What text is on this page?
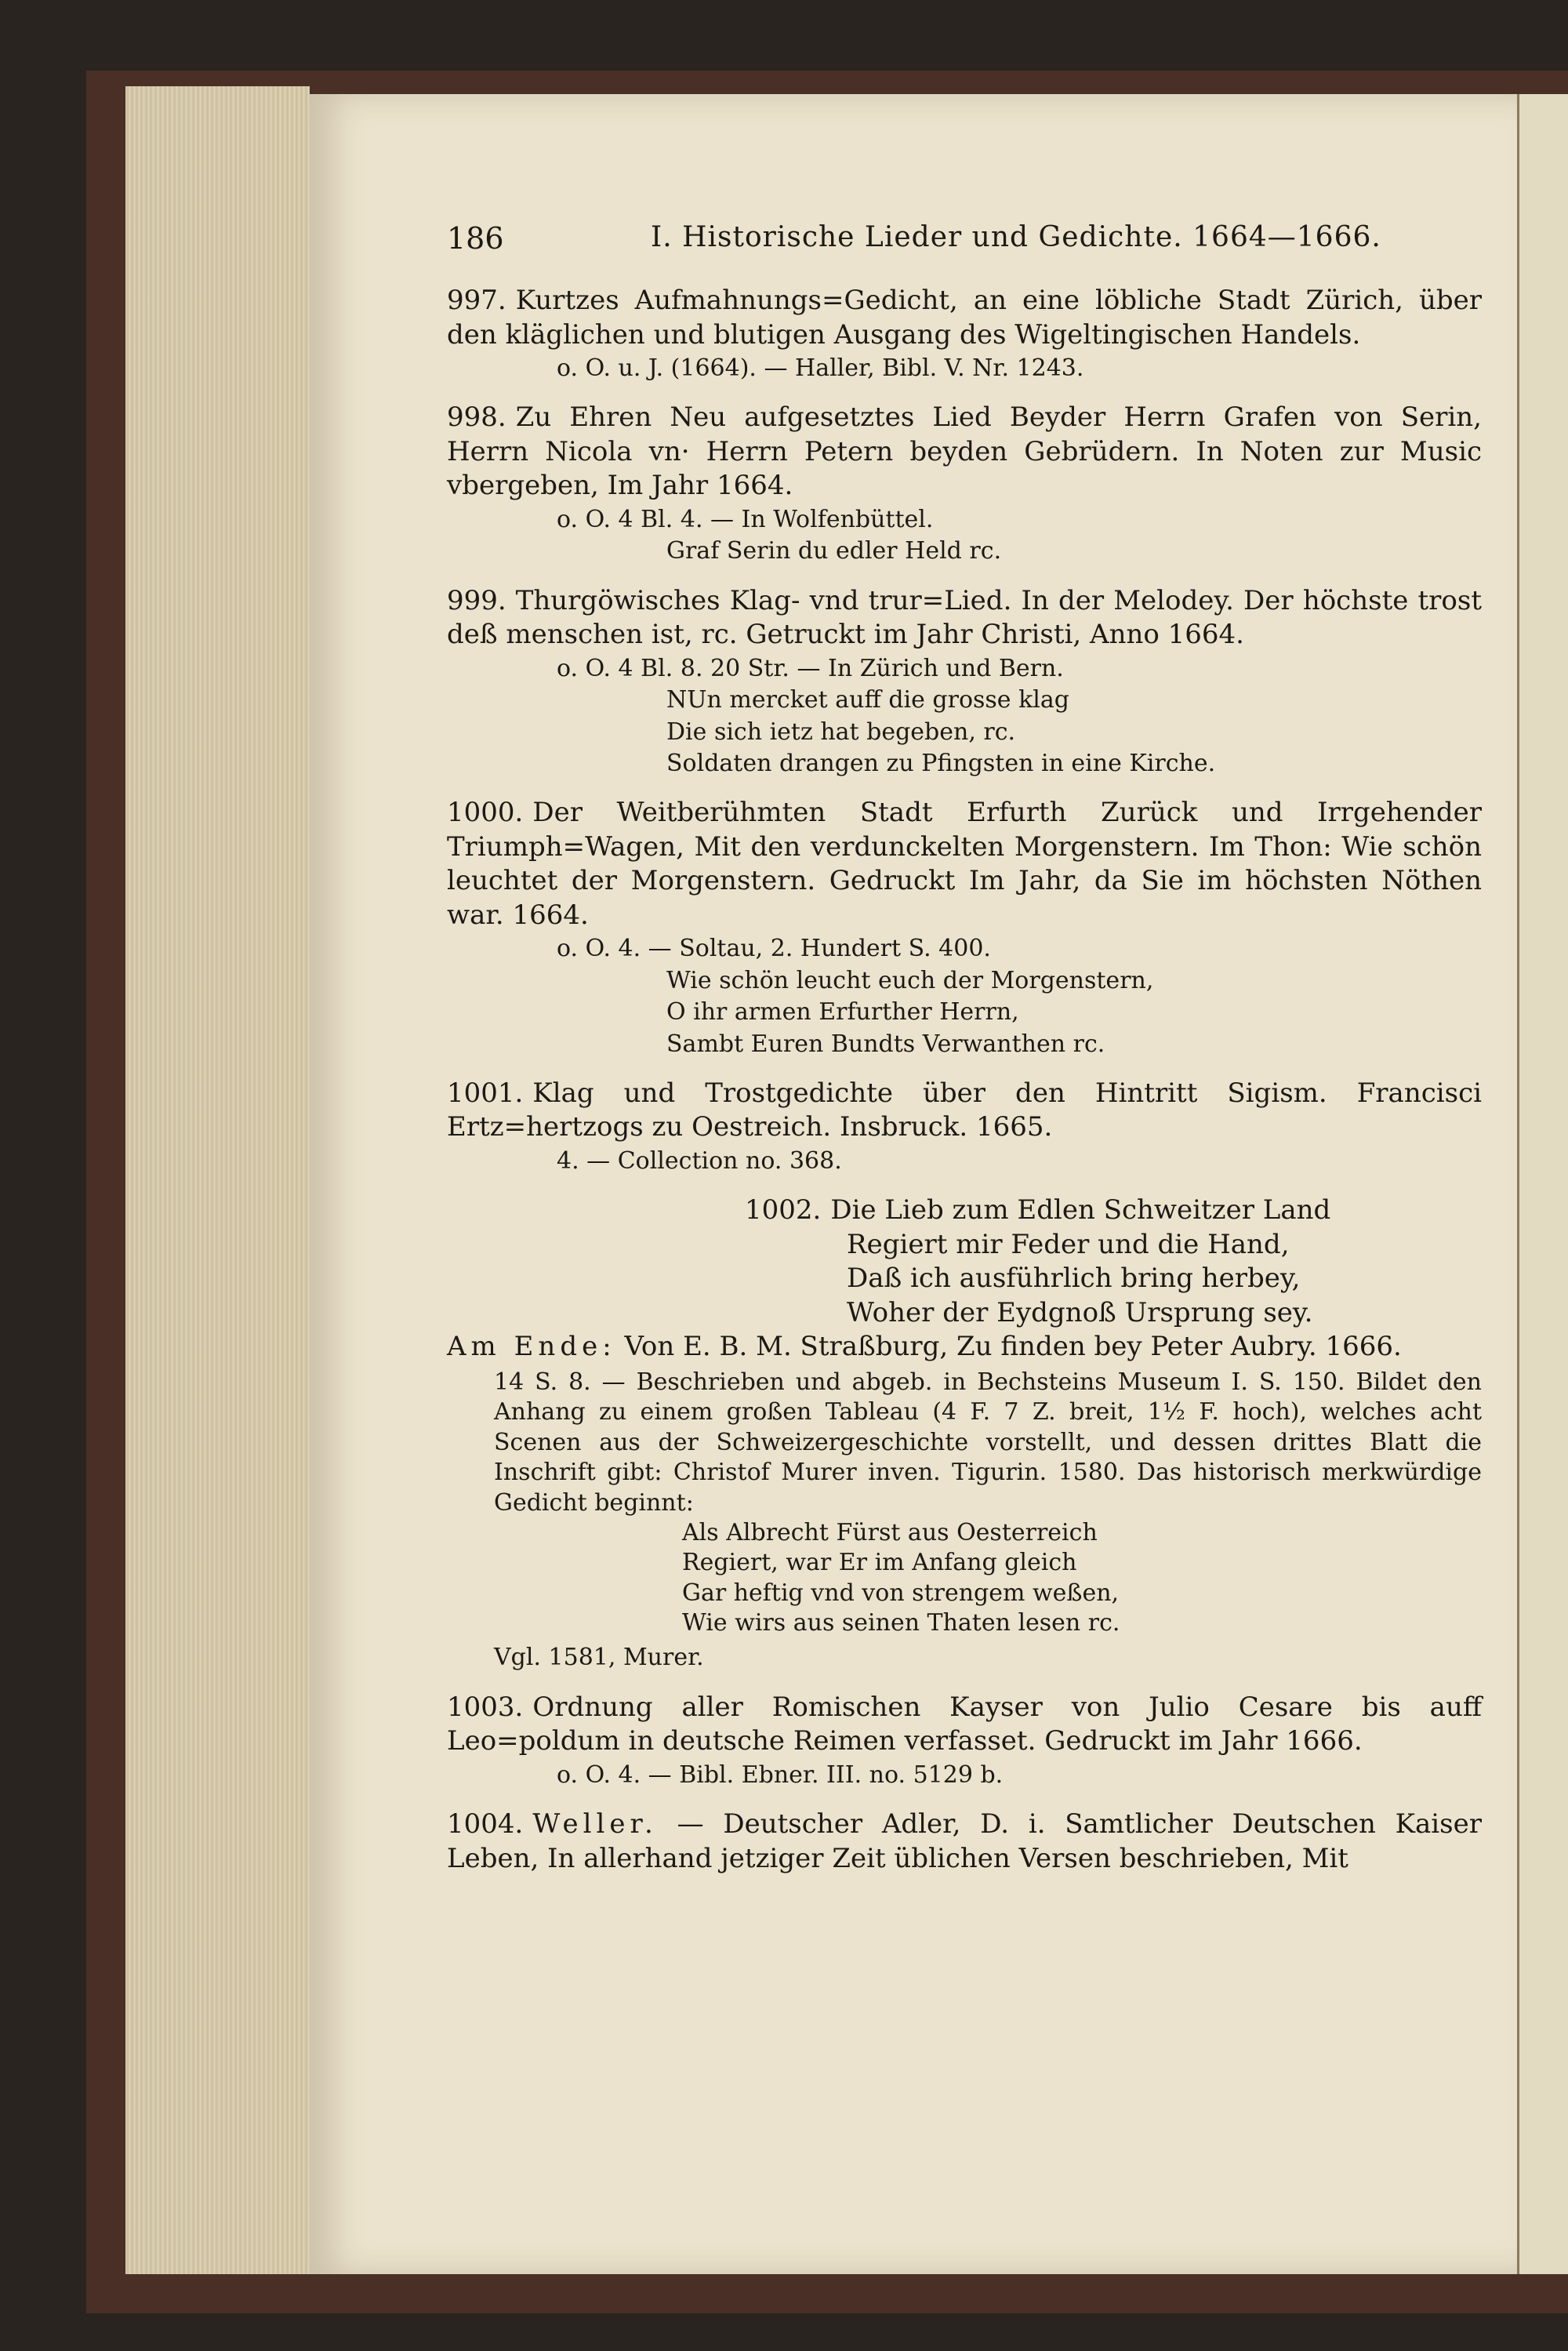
186	I. Historische Lieder und Gedichte. 1664—1666.

997. Kurtzes Aufmahnungs=Gedicht, an eine löbliche Stadt Zürich, über den kläglichen und blutigen Ausgang des Wigeltingischen Handels.

o. O. u. J. (1664). — Haller, Bibl. V. Nr. 1243.

998. Zu Ehren Neu aufgesetztes Lied Beyder Herrn Grafen von Serin, Herrn Nicola vn· Herrn Petern beyden Gebrüdern. In Noten zur Music vbergeben, Im Jahr 1664.

o. O. 4 Bl. 4. — In Wolfenbüttel.

Graf Serin du edler Held rc.

999. Thurgöwisches Klag- vnd trur=Lied. In der Melodey. Der höchste trost deß menschen ist, rc. Getruckt im Jahr Christi, Anno 1664.

o. O. 4 Bl. 8. 20 Str. — In Zürich und Bern.

NUn mercket auff die grosse klag
Die sich ietz hat begeben, rc.
Soldaten drangen zu Pfingsten in eine Kirche.

1000. Der Weitberühmten Stadt Erfurth Zurück und Irrgehender Triumph=Wagen, Mit den verdunckelten Morgenstern. Im Thon: Wie schön leuchtet der Morgenstern. Gedruckt Im Jahr, da Sie im höchsten Nöthen war. 1664.

o. O. 4. — Soltau, 2. Hundert S. 400.

Wie schön leucht euch der Morgenstern,
O ihr armen Erfurther Herrn,
Sambt Euren Bundts Verwanthen rc.

1001. Klag und Trostgedichte über den Hintritt Sigism. Francisci Ertz=hertzogs zu Oestreich. Insbruck. 1665.

4. — Collection no. 368.

1002. Die Lieb zum Edlen Schweitzer Land
Regiert mir Feder und die Hand,
Daß ich ausführlich bring herbey,
Woher der Eydgnoß Ursprung sey.

Am Ende: Von E. B. M. Straßburg, Zu finden bey Peter Aubry. 1666.

14 S. 8. — Beschrieben und abgeb. in Bechsteins Museum I. S. 150. Bildet den Anhang zu einem großen Tableau (4 F. 7 Z. breit, 1½ F. hoch), welches acht Scenen aus der Schweizergeschichte vorstellt, und dessen drittes Blatt die Inschrift gibt: Christof Murer inven. Tigurin. 1580. Das historisch merkwürdige Gedicht beginnt:

Als Albrecht Fürst aus Oesterreich
Regiert, war Er im Anfang gleich
Gar heftig vnd von strengem weßen,
Wie wirs aus seinen Thaten lesen rc.

Vgl. 1581, Murer.

1003. Ordnung aller Romischen Kayser von Julio Cesare bis auff Leo=poldum in deutsche Reimen verfasset. Gedruckt im Jahr 1666.

o. O. 4. — Bibl. Ebner. III. no. 5129 b.

1004. Weller. — Deutscher Adler, D. i. Samtlicher Deutschen Kaiser Leben, In allerhand jetziger Zeit üblichen Versen beschrieben, Mit
